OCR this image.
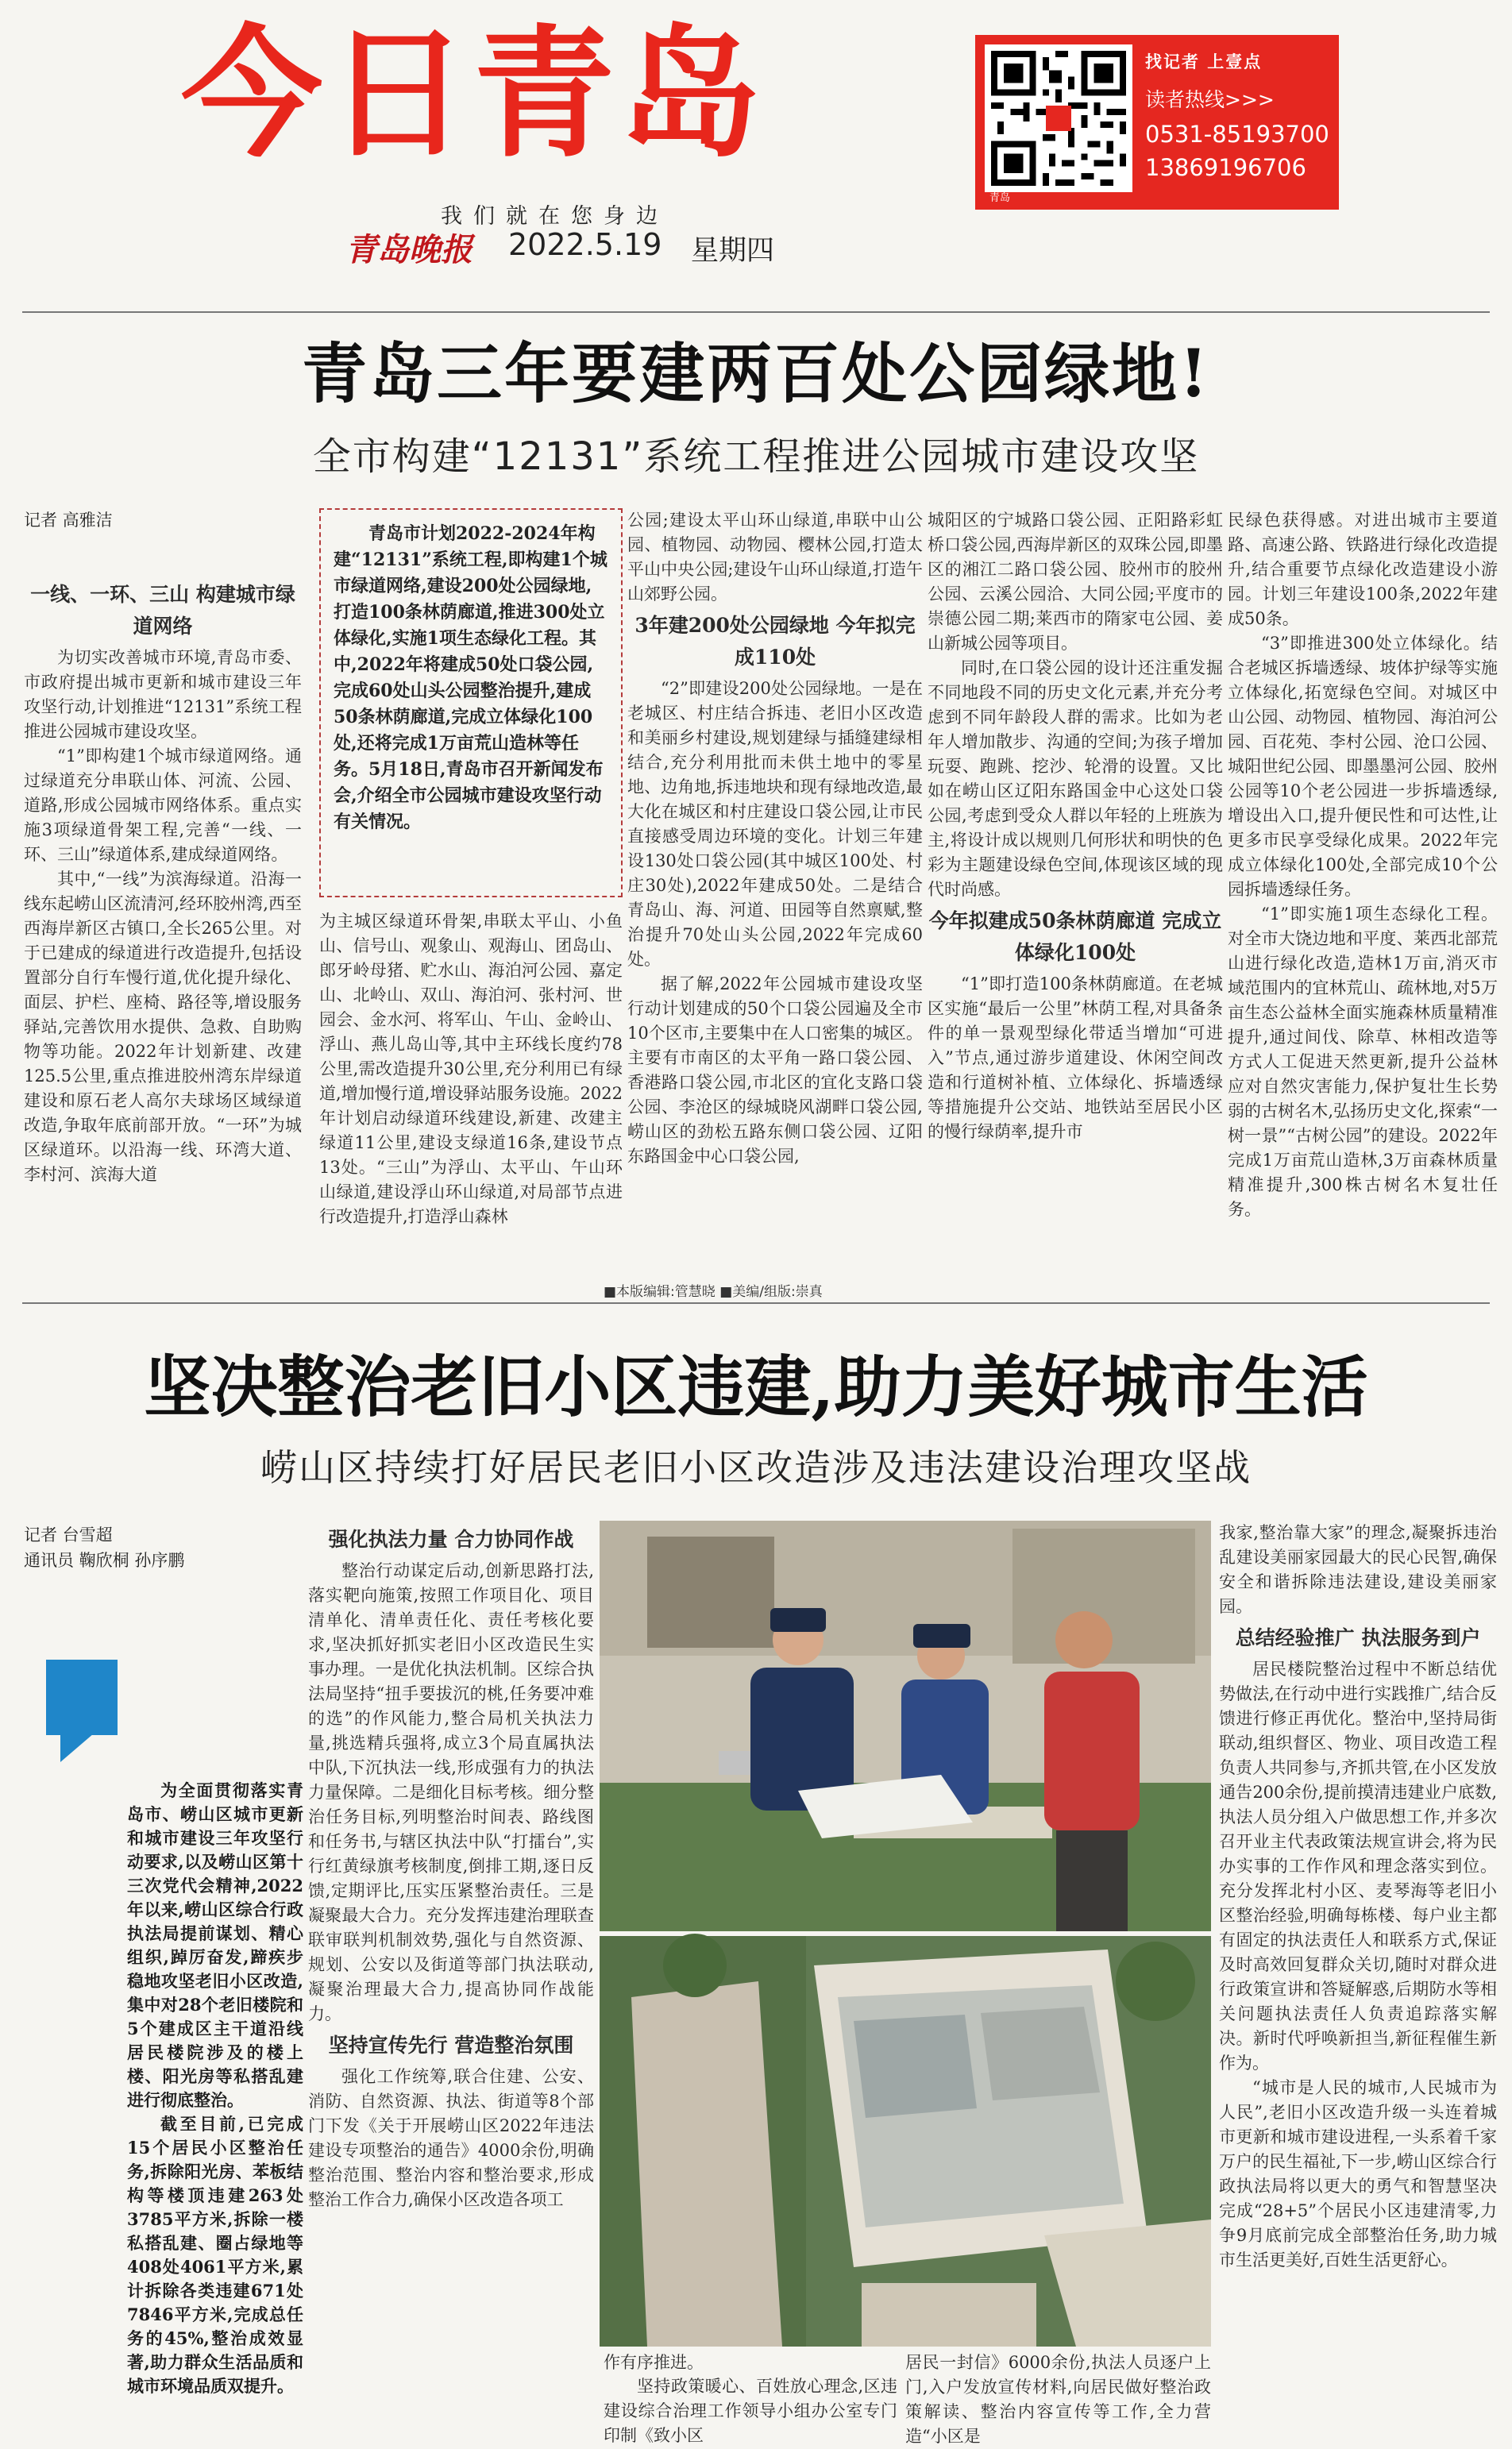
今日青岛
我们就在您身边
青岛晚报 2022.5.19 星期四
青岛
找记者 上壹点
读者热线>>>
0531-85193700
13869196706
青岛三年要建两百处公园绿地!
全市构建“12131”系统工程推进公园城市建设攻坚
记者 高雅洁
一线、一环、三山 构建城市绿道网络

为切实改善城市环境,青岛市委、市政府提出城市更新和城市建设三年攻坚行动,计划推进“12131”系统工程推进公园城市建设攻坚。

“1”即构建1个城市绿道网络。通过绿道充分串联山体、河流、公园、道路,形成公园城市网络体系。重点实施3项绿道骨架工程,完善“一线、一环、三山”绿道体系,建成绿道网络。

其中,“一线”为滨海绿道。沿海一线东起崂山区流清河,经环胶州湾,西至西海岸新区古镇口,全长265公里。对于已建成的绿道进行改造提升,包括设置部分自行车慢行道,优化提升绿化、面层、护栏、座椅、路径等,增设服务驿站,完善饮用水提供、急救、自助购物等功能。2022年计划新建、改建125.5公里,重点推进胶州湾东岸绿道建设和原石老人高尔夫球场区域绿道改造,争取年底前部开放。“一环”为城区绿道环。以沿海一线、环湾大道、李村河、滨海大道

青岛市计划2022-2024年构建“12131”系统工程,即构建1个城市绿道网络,建设200处公园绿地,打造100条林荫廊道,推进300处立体绿化,实施1项生态绿化工程。其中,2022年将建成50处口袋公园,完成60处山头公园整治提升,建成50条林荫廊道,完成立体绿化100处,还将完成1万亩荒山造林等任务。5月18日,青岛市召开新闻发布会,介绍全市公园城市建设攻坚行动有关情况。

为主城区绿道环骨架,串联太平山、小鱼山、信号山、观象山、观海山、团岛山、郎牙岭母猪、贮水山、海泊河公园、嘉定山、北岭山、双山、海泊河、张村河、世园会、金水河、将军山、午山、金岭山、浮山、燕儿岛山等,其中主环线长度约78公里,需改造提升30公里,充分利用已有绿道,增加慢行道,增设驿站服务设施。2022年计划启动绿道环线建设,新建、改建主绿道11公里,建设支绿道16条,建设节点13处。“三山”为浮山、太平山、午山环山绿道,建设浮山环山绿道,对局部节点进行改造提升,打造浮山森林

公园;建设太平山环山绿道,串联中山公园、植物园、动物园、樱林公园,打造太平山中央公园;建设午山环山绿道,打造午山郊野公园。

3年建200处公园绿地 今年拟完成110处

“2”即建设200处公园绿地。一是在老城区、村庄结合拆违、老旧小区改造和美丽乡村建设,规划建绿与插缝建绿相结合,充分利用批而未供土地中的零星地、边角地,拆违地块和现有绿地改造,最大化在城区和村庄建设口袋公园,让市民直接感受周边环境的变化。计划三年建设130处口袋公园(其中城区100处、村庄30处),2022年建成50处。二是结合青岛山、海、河道、田园等自然禀赋,整治提升70处山头公园,2022年完成60处。

据了解,2022年公园城市建设攻坚行动计划建成的50个口袋公园遍及全市10个区市,主要集中在人口密集的城区。主要有市南区的太平角一路口袋公园、香港路口袋公园,市北区的宜化支路口袋公园、李沧区的绿城晓风湖畔口袋公园,崂山区的劲松五路东侧口袋公园、辽阳东路国金中心口袋公园,

城阳区的宁城路口袋公园、正阳路彩虹桥口袋公园,西海岸新区的双珠公园,即墨区的湘江二路口袋公园、胶州市的胶州公园、云溪公园洽、大同公园;平度市的崇德公园二期;莱西市的隋家屯公园、姜山新城公园等项目。

同时,在口袋公园的设计还注重发掘不同地段不同的历史文化元素,并充分考虑到不同年龄段人群的需求。比如为老年人增加散步、沟通的空间;为孩子增加玩耍、跑跳、挖沙、轮滑的设置。又比如在崂山区辽阳东路国金中心这处口袋公园,考虑到受众人群以年轻的上班族为主,将设计成以规则几何形状和明快的色彩为主题建设绿色空间,体现该区域的现代时尚感。

今年拟建成50条林荫廊道 完成立体绿化100处

“1”即打造100条林荫廊道。在老城区实施“最后一公里”林荫工程,对具备条件的单一景观型绿化带适当增加“可进入”节点,通过游步道建设、休闲空间改造和行道树补植、立体绿化、拆墙透绿等措施提升公交站、地铁站至居民小区的慢行绿荫率,提升市

民绿色获得感。对进出城市主要道路、高速公路、铁路进行绿化改造提升,结合重要节点绿化改造建设小游园。计划三年建设100条,2022年建成50条。

“3”即推进300处立体绿化。结合老城区拆墙透绿、坡体护绿等实施立体绿化,拓宽绿色空间。对城区中山公园、动物园、植物园、海泊河公园、百花苑、李村公园、沧口公园、城阳世纪公园、即墨墨河公园、胶州公园等10个老公园进一步拆墙透绿,增设出入口,提升便民性和可达性,让更多市民享受绿化成果。2022年完成立体绿化100处,全部完成10个公园拆墙透绿任务。

“1”即实施1项生态绿化工程。对全市大饶边地和平度、莱西北部荒山进行绿化改造,造林1万亩,消灭市域范围内的宜林荒山、疏林地,对5万亩生态公益林全面实施森林质量精准提升,通过间伐、除草、林相改造等方式人工促进天然更新,提升公益林应对自然灾害能力,保护复壮生长势弱的古树名木,弘扬历史文化,探索“一树一景”“古树公园”的建设。2022年完成1万亩荒山造林,3万亩森林质量精准提升,300株古树名木复壮任务。

■本版编辑:管慧晓 ■美编/组版:崇真
坚决整治老旧小区违建,助力美好城市生活
崂山区持续打好居民老旧小区改造涉及违法建设治理攻坚战
记者 台雪超
通讯员 鞠欣桐 孙序鹏

为全面贯彻落实青岛市、崂山区城市更新和城市建设三年攻坚行动要求,以及崂山区第十三次党代会精神,2022年以来,崂山区综合行政执法局提前谋划、精心组织,踔厉奋发,蹄疾步稳地攻坚老旧小区改造,集中对28个老旧楼院和5个建成区主干道沿线居民楼院涉及的楼上楼、阳光房等私搭乱建进行彻底整治。

截至目前,已完成15个居民小区整治任务,拆除阳光房、苯板结构等楼顶违建263处3785平方米,拆除一楼私搭乱建、圈占绿地等408处4061平方米,累计拆除各类违建671处7846平方米,完成总任务的45%,整治成效显著,助力群众生活品质和城市环境品质双提升。

强化执法力量 合力协同作战

整治行动谋定后动,创新思路打法,落实靶向施策,按照工作项目化、项目清单化、清单责任化、责任考核化要求,坚决抓好抓实老旧小区改造民生实事办理。一是优化执法机制。区综合执法局坚持“扭手要拔沉的桃,任务要冲难的选”的作风能力,整合局机关执法力量,挑选精兵强将,成立3个局直属执法中队,下沉执法一线,形成强有力的执法力量保障。二是细化目标考核。细分整治任务目标,列明整治时间表、路线图和任务书,与辖区执法中队“打擂台”,实行红黄绿旗考核制度,倒排工期,逐日反馈,定期评比,压实压紧整治责任。三是凝聚最大合力。充分发挥违建治理联查联审联判机制效势,强化与自然资源、规划、公安以及街道等部门执法联动,凝聚治理最大合力,提高协同作战能力。

坚持宣传先行 营造整治氛围

强化工作统筹,联合住建、公安、消防、自然资源、执法、街道等8个部门下发《关于开展崂山区2022年违法建设专项整治的通告》4000余份,明确整治范围、整治内容和整治要求,形成整治工作合力,确保小区改造各项工

作有序推进。

坚持政策暖心、百姓放心理念,区违建设综合治理工作领导小组办公室专门印制《致小区

居民一封信》6000余份,执法人员逐户上门,入户发放宣传材料,向居民做好整治政策解读、整治内容宣传等工作,全力营造“小区是

我家,整治靠大家”的理念,凝聚拆违治乱建设美丽家园最大的民心民智,确保安全和谐拆除违法建设,建设美丽家园。

总结经验推广 执法服务到户

居民楼院整治过程中不断总结优势做法,在行动中进行实践推广,结合反馈进行修正再优化。整治中,坚持局街联动,组织督区、物业、项目改造工程负责人共同参与,齐抓共管,在小区发放通告200余份,提前摸清违建业户底数,执法人员分组入户做思想工作,并多次召开业主代表政策法规宣讲会,将为民办实事的工作作风和理念落实到位。充分发挥北村小区、麦琴海等老旧小区整治经验,明确每栋楼、每户业主都有固定的执法责任人和联系方式,保证及时高效回复群众关切,随时对群众进行政策宣讲和答疑解惑,后期防水等相关问题执法责任人负责追踪落实解决。新时代呼唤新担当,新征程催生新作为。

“城市是人民的城市,人民城市为人民”,老旧小区改造升级一头连着城市更新和城市建设进程,一头系着千家万户的民生福祉,下一步,崂山区综合行政执法局将以更大的勇气和智慧坚决完成“28+5”个居民小区违建清零,力争9月底前完成全部整治任务,助力城市生活更美好,百姓生活更舒心。
